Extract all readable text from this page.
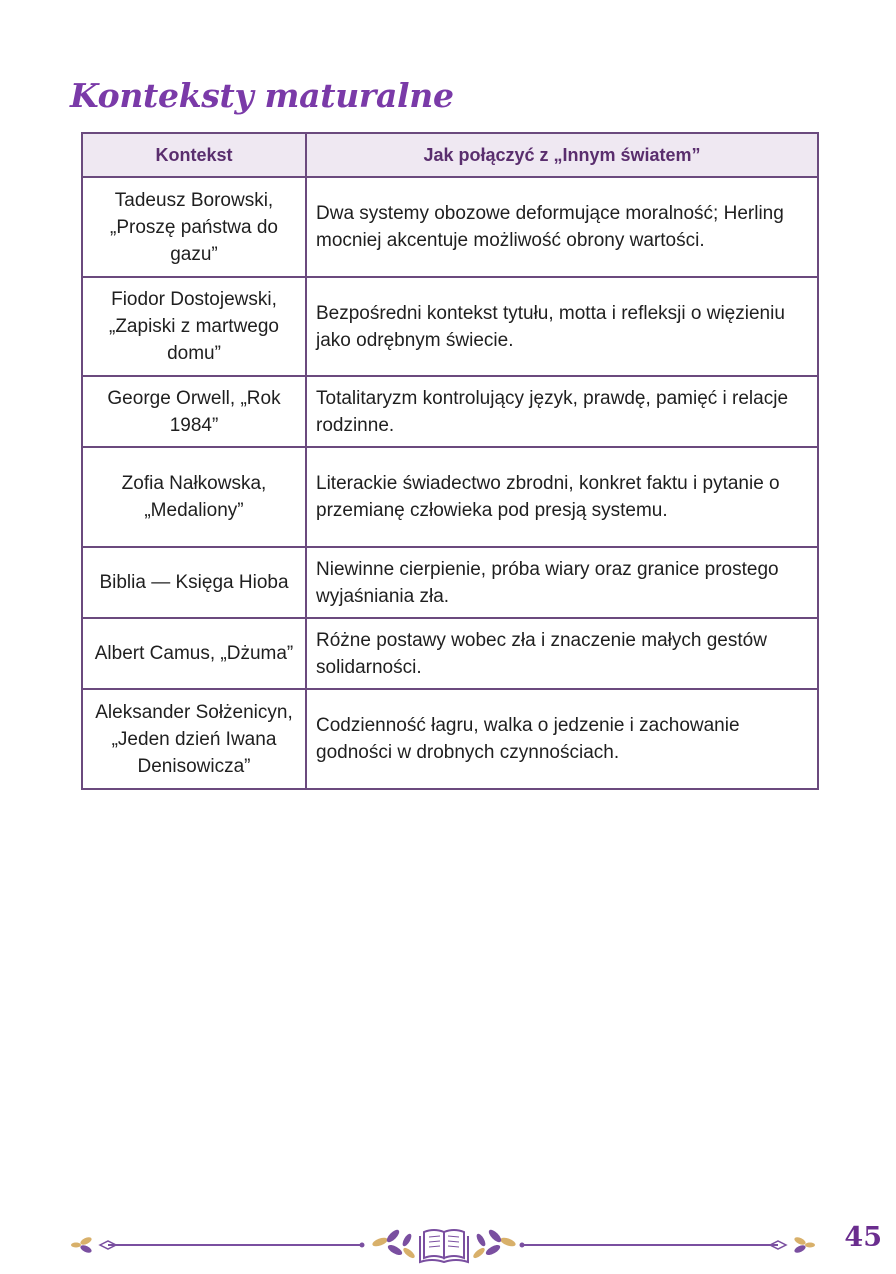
Konteksty maturalne
Kontekst	Jak połączyć z „Innym światem”
Tadeusz Borowski, „Proszę państwa do gazu”	Dwa systemy obozowe deformujące moralność; Herling mocniej akcentuje możliwość obrony wartości.
Fiodor Dostojewski, „Zapiski z martwego domu”	Bezpośredni kontekst tytułu, motta i refleksji o więzieniu jako odrębnym świecie.
George Orwell, „Rok 1984”	Totalitaryzm kontrolujący język, prawdę, pamięć i relacje rodzinne.
Zofia Nałkowska, „Medaliony”	Literackie świadectwo zbrodni, konkret faktu i pytanie o przemianę człowieka pod presją systemu.
Biblia — Księga Hioba	Niewinne cierpienie, próba wiary oraz granice prostego wyjaśniania zła.
Albert Camus, „Dżuma”	Różne postawy wobec zła i znaczenie małych gestów solidarności.
Aleksander Sołżenicyn, „Jeden dzień Iwana Denisowicza”	Codzienność łagru, walka o jedzenie i zachowanie godności w drobnych czynnościach.
45
